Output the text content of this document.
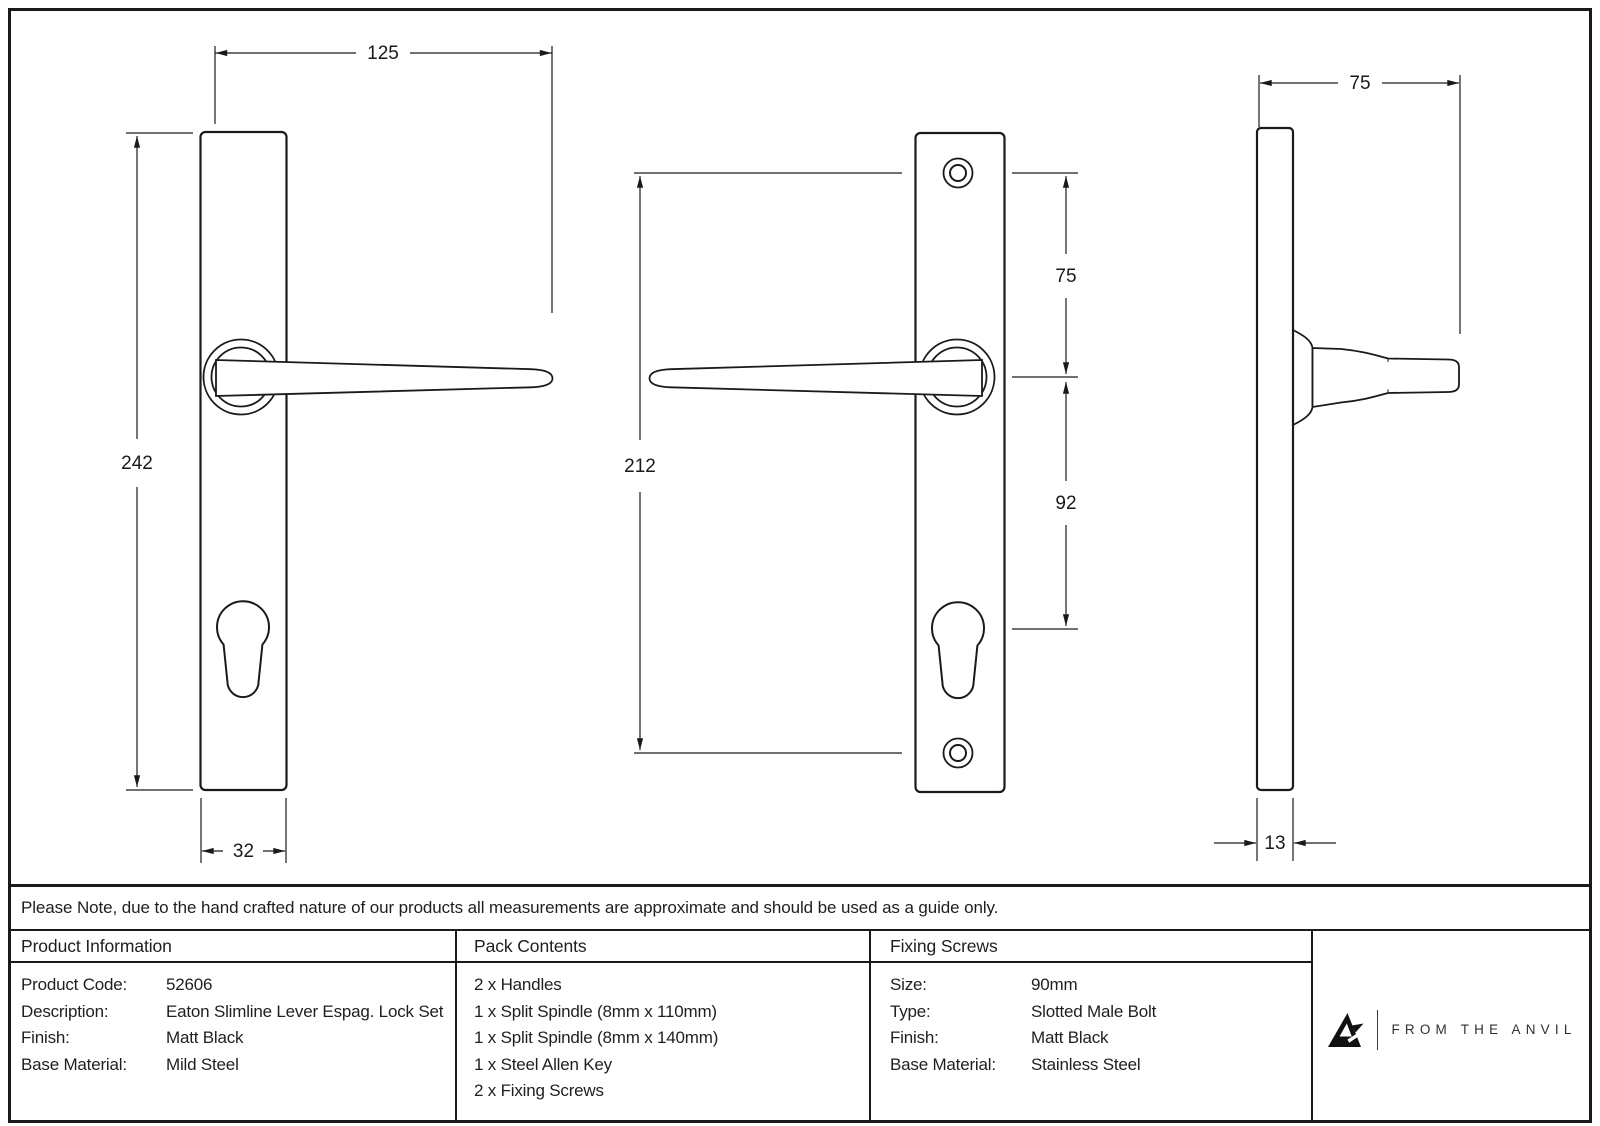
125
242
32
212
75
92
75
13
Please Note, due to the hand crafted nature of our products all measurements are approximate and should be used as a guide only.
Product Information
Product Code:	52606
Description:	Eaton Slimline Lever Espag. Lock Set
Finish:	Matt Black
Base Material:	Mild Steel
Pack Contents
2 x Handles
1 x Split Spindle (8mm x 110mm)
1 x Split Spindle (8mm x 140mm)
1 x Steel Allen Key
2 x Fixing Screws
Fixing Screws
Size:	90mm
Type:	Slotted Male Bolt
Finish:	Matt Black
Base Material:	Stainless Steel
FROM THE ANVIL
